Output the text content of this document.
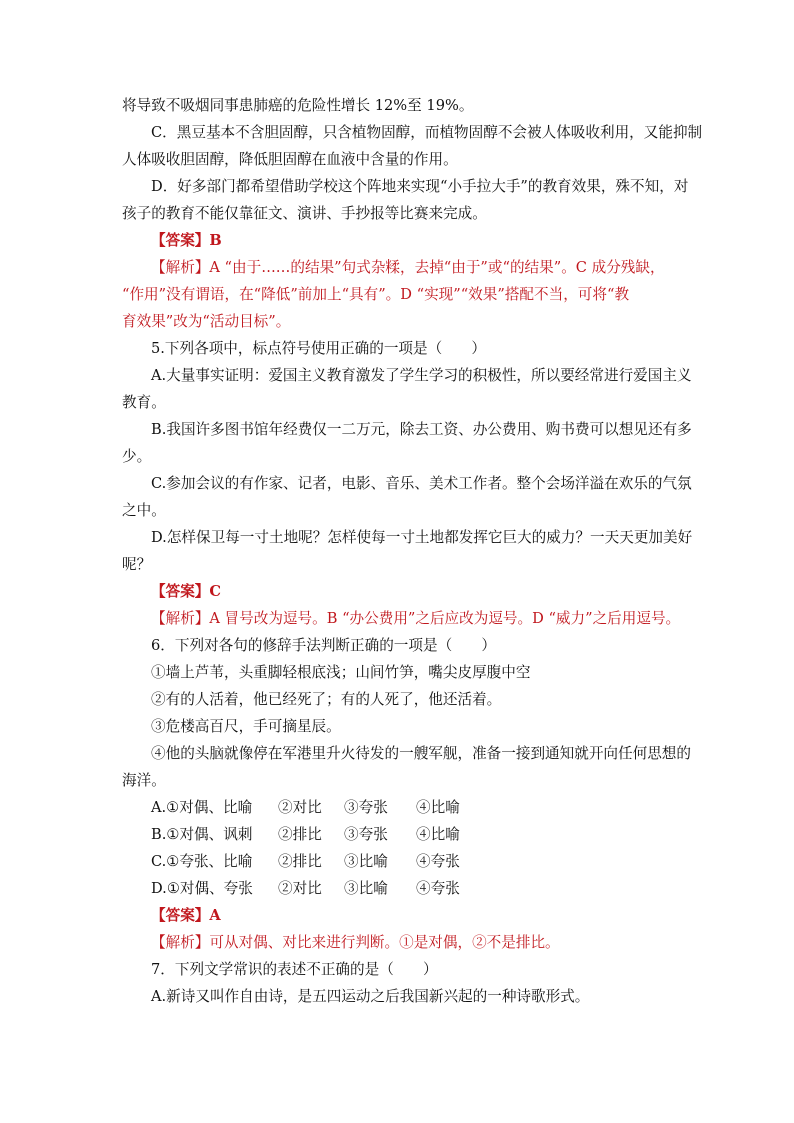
将导致不吸烟同事患肺癌的危险性增长 12%至 19%。
C．黑豆基本不含胆固醇，只含植物固醇，而植物固醇不会被人体吸收利用，又能抑制
人体吸收胆固醇，降低胆固醇在血液中含量的作用。
D．好多部门都希望借助学校这个阵地来实现“小手拉大手”的教育效果，殊不知，对
孩子的教育不能仅靠征文、演讲、手抄报等比赛来完成。
【答案】B
【解析】A “由于……的结果”句式杂糅，去掉“由于”或“的结果”。C 成分残缺，
“作用”没有谓语，在“降低”前加上“具有”。D “实现”“效果”搭配不当，可将“教
育效果”改为“活动目标”。
5.下列各项中，标点符号使用正确的一项是（　　）
A.大量事实证明：爱国主义教育激发了学生学习的积极性，所以要经常进行爱国主义
教育。
B.我国许多图书馆年经费仅一二万元，除去工资、办公费用、购书费可以想见还有多
少。
C.参加会议的有作家、记者，电影、音乐、美术工作者。整个会场洋溢在欢乐的气氛
之中。
D.怎样保卫每一寸土地呢？怎样使每一寸土地都发挥它巨大的威力？一天天更加美好
呢？
【答案】C
【解析】A 冒号改为逗号。B “办公费用”之后应改为逗号。D “威力”之后用逗号。
6．下列对各句的修辞手法判断正确的一项是（　　）
①墙上芦苇，头重脚轻根底浅；山间竹笋，嘴尖皮厚腹中空
②有的人活着，他已经死了；有的人死了，他还活着。
③危楼高百尺，手可摘星辰。
④他的头脑就像停在军港里升火待发的一艘军舰，准备一接到通知就开向任何思想的
海洋。
A.①对偶、比喻	②对比	③夸张	④比喻
B.①对偶、讽刺	②排比	③夸张	④比喻
C.①夸张、比喻	②排比	③比喻	④夸张
D.①对偶、夸张	②对比	③比喻	④夸张
【答案】A
【解析】可从对偶、对比来进行判断。①是对偶，②不是排比。
7．下列文学常识的表述不正确的是（　　）
A.新诗又叫作自由诗，是五四运动之后我国新兴起的一种诗歌形式。
